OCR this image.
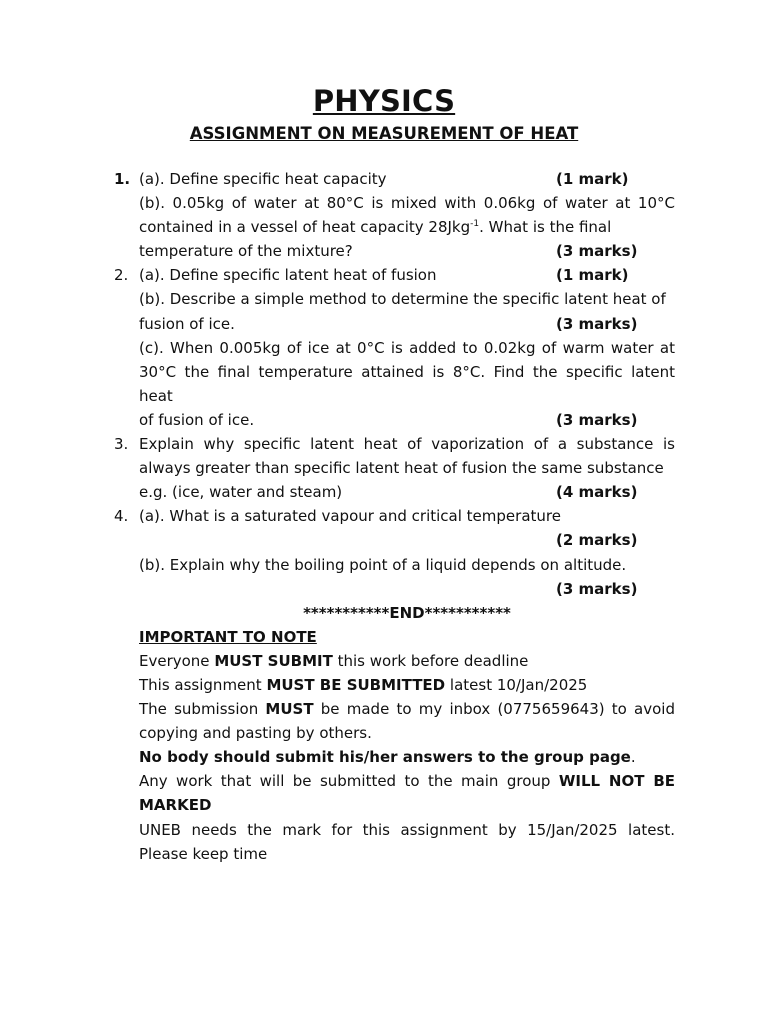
PHYSICS
ASSIGNMENT ON MEASUREMENT OF HEAT
1. (a). Define specific heat capacity	(1 mark)

(b). 0.05kg of water at 80°C is mixed with 0.06kg of water at 10°C contained in a vessel of heat capacity 28Jkg$^{-1}$. What is the final

temperature of the mixture?	(3 marks)
2. (a). Define specific latent heat of fusion	(1 mark)

(b). Describe a simple method to determine the specific latent heat of

fusion of ice.	(3 marks)

(c). When 0.005kg of ice at 0°C is added to 0.02kg of warm water at 30°C the final temperature attained is 8°C. Find the specific latent heat

of fusion of ice.	(3 marks)
3. Explain why specific latent heat of vaporization of a substance is always greater than specific latent heat of fusion the same substance

e.g. (ice, water and steam)	(4 marks)
4. (a). What is a saturated vapour and critical temperature

(2 marks)

(b). Explain why the boiling point of a liquid depends on altitude.

(3 marks)
***********END***********

IMPORTANT TO NOTE

Everyone MUST SUBMIT this work before deadline

This assignment MUST BE SUBMITTED latest 10/Jan/2025

The submission MUST be made to my inbox (0775659643) to avoid copying and pasting by others.

No body should submit his/her answers to the group page.

Any work that will be submitted to the main group WILL NOT BE MARKED

UNEB needs the mark for this assignment by 15/Jan/2025 latest. Please keep time
